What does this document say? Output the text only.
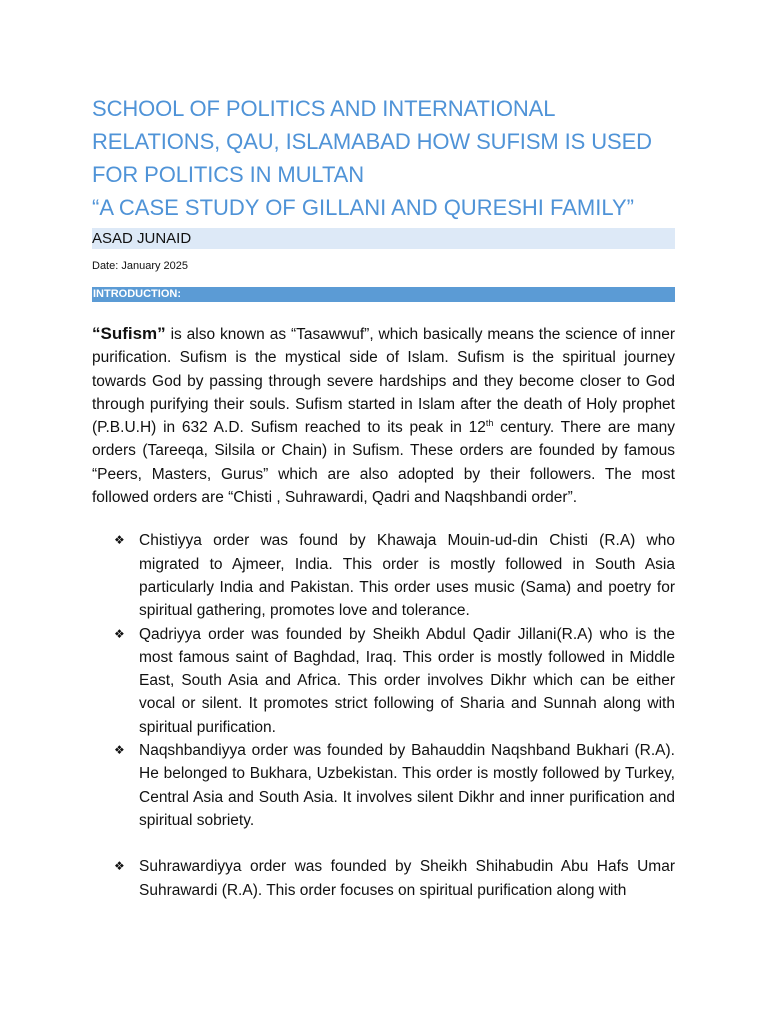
SCHOOL OF POLITICS AND INTERNATIONAL RELATIONS, QAU, ISLAMABAD HOW SUFISM IS USED FOR POLITICS IN MULTAN
“A CASE STUDY OF GILLANI AND QURESHI FAMILY”
ASAD JUNAID
Date: January 2025
INTRODUCTION:

“Sufism” is also known as “Tasawwuf”, which basically means the science of inner purification. Sufism is the mystical side of Islam. Sufism is the spiritual journey towards God by passing through severe hardships and they become closer to God through purifying their souls. Sufism started in Islam after the death of Holy prophet (P.B.U.H) in 632 A.D. Sufism reached to its peak in 12th century. There are many orders (Tareeqa, Silsila or Chain) in Sufism. These orders are founded by famous “Peers, Masters, Gurus” which are also adopted by their followers. The most followed orders are “Chisti , Suhrawardi, Qadri and Naqshbandi order”.

❖ Chistiyya order was found by Khawaja Mouin-ud-din Chisti (R.A) who migrated to Ajmeer, India. This order is mostly followed in South Asia particularly India and Pakistan. This order uses music (Sama) and poetry for spiritual gathering, promotes love and tolerance.
❖ Qadriyya order was founded by Sheikh Abdul Qadir Jillani(R.A) who is the most famous saint of Baghdad, Iraq. This order is mostly followed in Middle East, South Asia and Africa. This order involves Dikhr which can be either vocal or silent. It promotes strict following of Sharia and Sunnah along with spiritual purification.
❖ Naqshbandiyya order was founded by Bahauddin Naqshband Bukhari (R.A). He belonged to Bukhara, Uzbekistan. This order is mostly followed by Turkey, Central Asia and South Asia. It involves silent Dikhr and inner purification and spiritual sobriety.
❖ Suhrawardiyya order was founded by Sheikh Shihabudin Abu Hafs Umar Suhrawardi (R.A). This order focuses on spiritual purification along with
